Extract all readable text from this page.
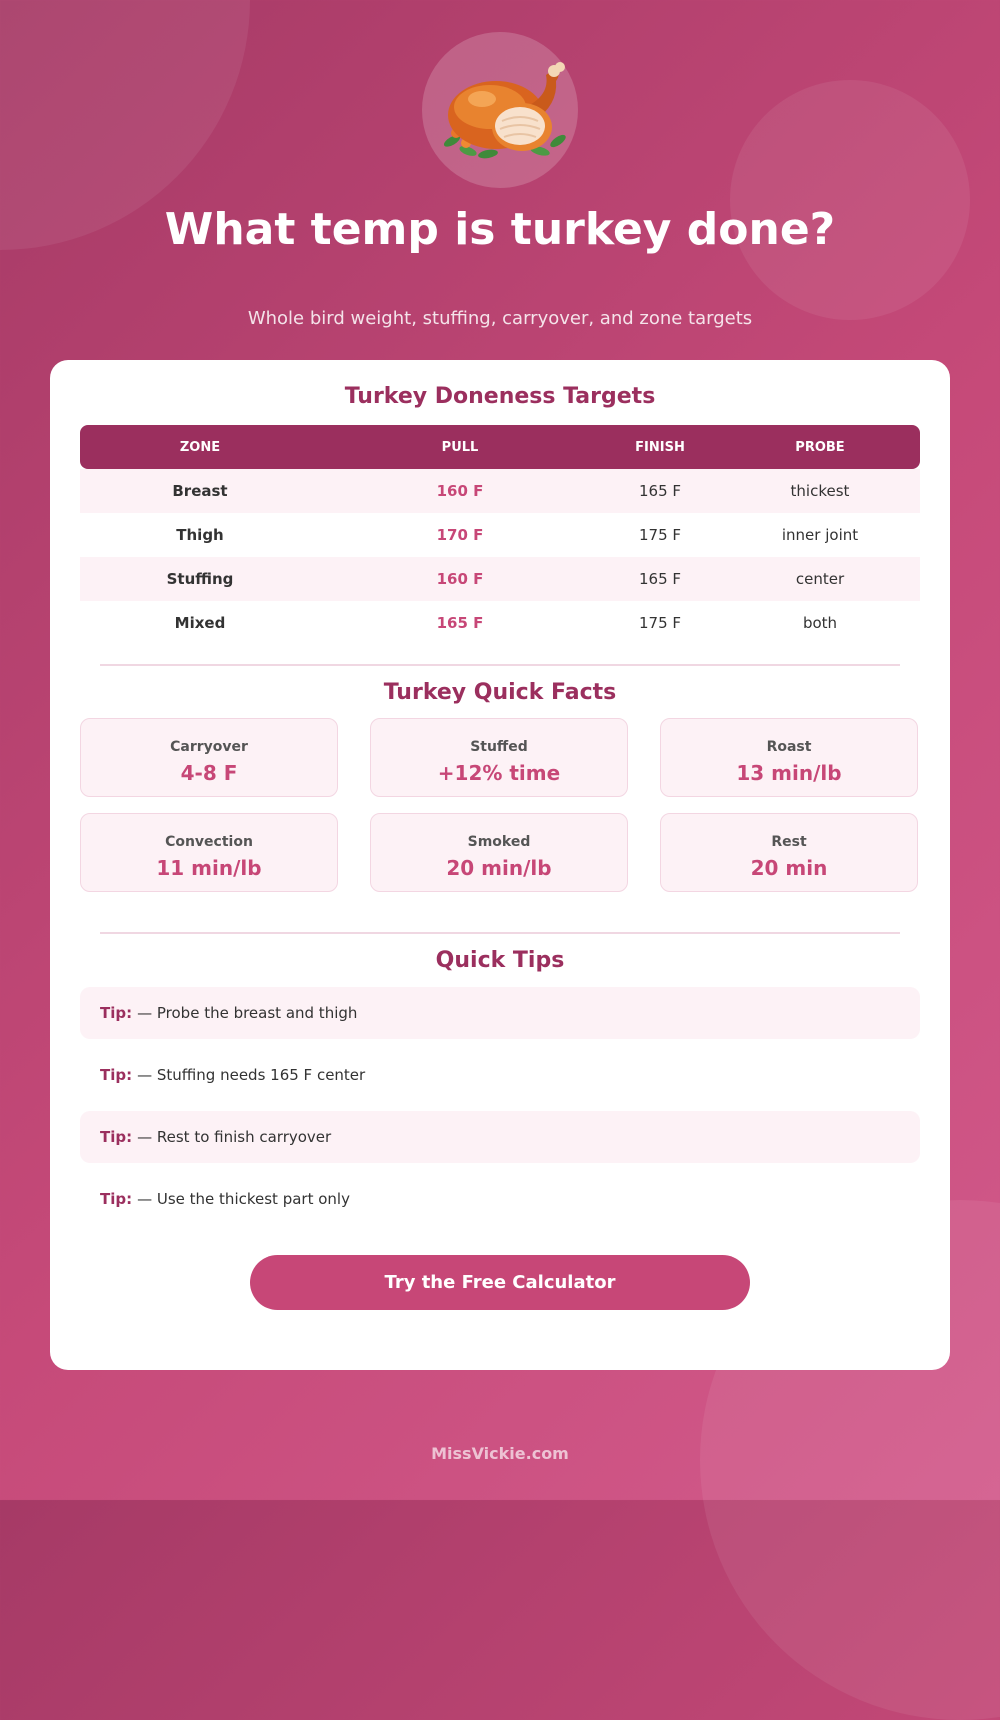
What temp is turkey done?
Whole bird weight, stuffing, carryover, and zone targets
Turkey Doneness Targets
ZONE	PULL	FINISH	PROBE
Breast	160 F	165 F	thickest
Thigh	170 F	175 F	inner joint
Stuffing	160 F	165 F	center
Mixed	165 F	175 F	both
Turkey Quick Facts
Carryover
4-8 F
Stuffed
+12% time
Roast
13 min/lb
Convection
11 min/lb
Smoked
20 min/lb
Rest
20 min
Quick Tips
Tip: — Probe the breast and thigh
Tip: — Stuffing needs 165 F center
Tip: — Rest to finish carryover
Tip: — Use the thickest part only
Try the Free Calculator
MissVickie.com
